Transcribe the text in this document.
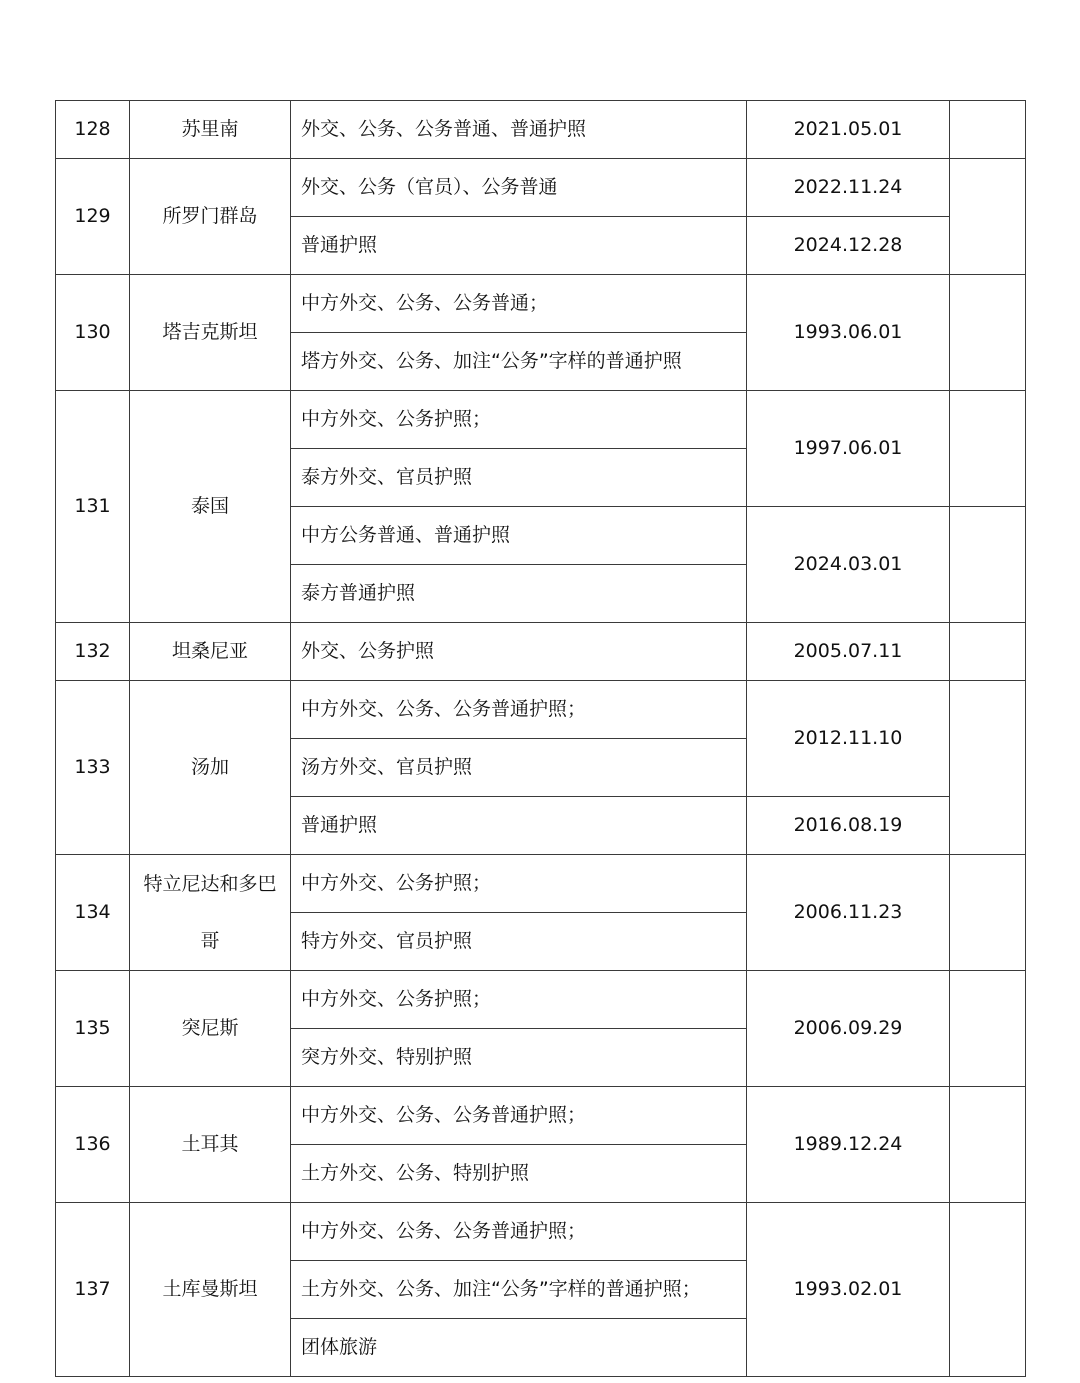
128	苏里南	外交、公务、公务普通、普通护照	2021.05.01	
129	所罗门群岛	外交、公务（官员）、公务普通	2022.11.24	
		普通护照	2024.12.28	
130	塔吉克斯坦	中方外交、公务、公务普通；	1993.06.01	
		塔方外交、公务、加注“公务”字样的普通护照		
131	泰国	中方外交、公务护照；	1997.06.01	
		泰方外交、官员护照		
		中方公务普通、普通护照	2024.03.01	
		泰方普通护照		
132	坦桑尼亚	外交、公务护照	2005.07.11	
133	汤加	中方外交、公务、公务普通护照；	2012.11.10	
		汤方外交、官员护照		
		普通护照	2016.08.19	
134	特立尼达和多巴哥	中方外交、公务护照；	2006.11.23	
		特方外交、官员护照		
135	突尼斯	中方外交、公务护照；	2006.09.29	
		突方外交、特别护照		
136	土耳其	中方外交、公务、公务普通护照；	1989.12.24	
		土方外交、公务、特别护照		
137	土库曼斯坦	中方外交、公务、公务普通护照；	1993.02.01	
		土方外交、公务、加注“公务”字样的普通护照；		
		团体旅游		
